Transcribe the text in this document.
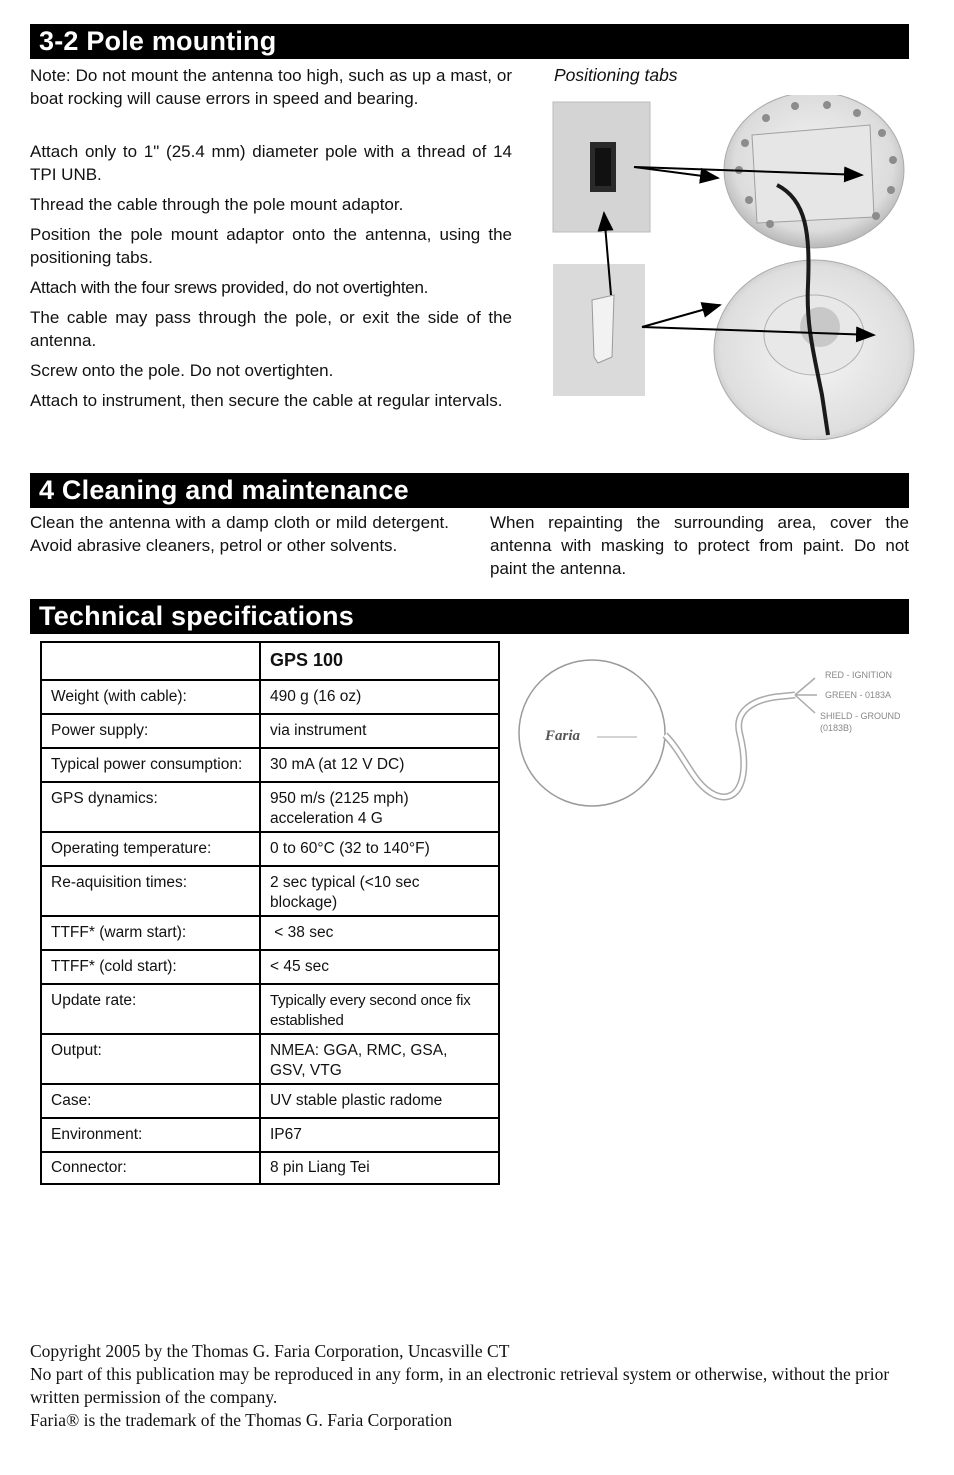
3-2 Pole mounting

Note: Do not mount the antenna too high, such as up a mast, or boat rocking will cause errors in speed and bearing.

Attach only to 1" (25.4 mm) diameter pole with a thread of 14 TPI UNB.

Thread the cable through the pole mount adaptor.

Position the pole mount adaptor onto the antenna, using the positioning tabs.

Attach with the four srews provided, do not overtighten.

The cable may pass through the pole, or exit the side of the antenna.

Screw onto the pole. Do not overtighten.

Attach to instrument, then secure the cable at regular intervals.

Positioning tabs
4 Cleaning and maintenance

Clean the antenna with a damp cloth or mild detergent. Avoid abrasive cleaners, petrol or other solvents.

When repainting the surrounding area, cover the antenna with masking to protect from paint. Do not paint the antenna.

Technical specifications
	GPS 100
Weight (with cable):	490 g (16 oz)
Power supply:	via instrument
Typical power consumption:	30 mA (at 12 V DC)
GPS dynamics:	950 m/s (2125 mph)
acceleration 4 G
Operating temperature:	0 to 60°C (32 to 140°F)
Re-aquisition times:	2 sec typical (<10 sec
blockage)
TTFF* (warm start):	< 38 sec
TTFF* (cold start):	< 45 sec
Update rate:	Typically every second once fix established
Output:	NMEA: GGA, RMC, GSA,
GSV, VTG
Case:	UV stable plastic radome
Environment:	IP67
Connector:	8 pin Liang Tei
Faria
RED - IGNITION
GREEN - 0183A
SHIELD - GROUND
(0183B)
Copyright 2005 by the Thomas G. Faria Corporation, Uncasville CT
No part of this publication may be reproduced in any form, in an electronic retrieval system or otherwise, without the prior written permission of the company.
Faria® is the trademark of the Thomas G. Faria Corporation
